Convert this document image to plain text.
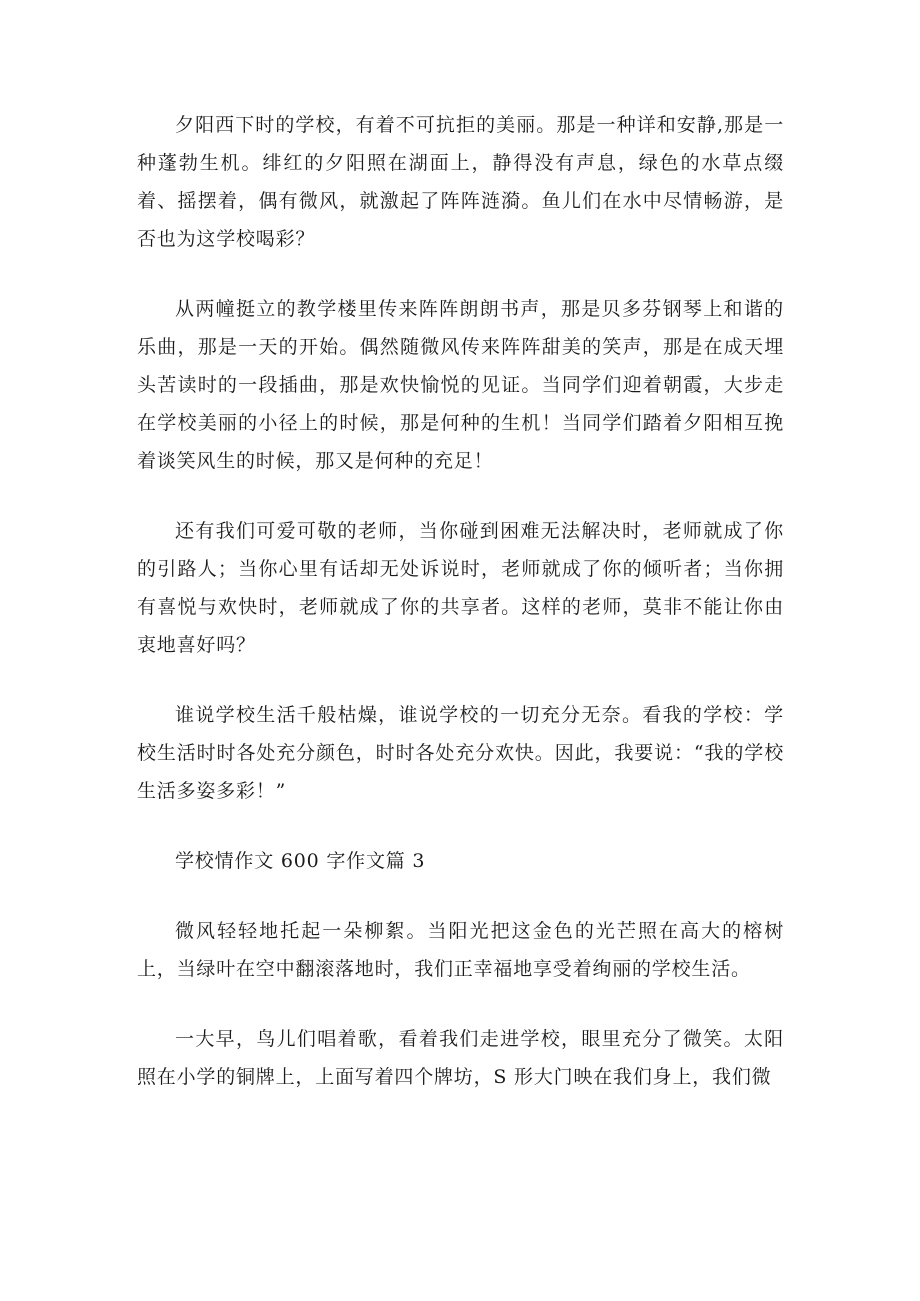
夕阳西下时的学校，有着不可抗拒的美丽。那是一种详和安静,那是一种蓬勃生机。绯红的夕阳照在湖面上，静得没有声息，绿色的水草点缀着、摇摆着，偶有微风，就激起了阵阵涟漪。鱼儿们在水中尽情畅游，是否也为这学校喝彩？

从两幢挺立的教学楼里传来阵阵朗朗书声，那是贝多芬钢琴上和谐的乐曲，那是一天的开始。偶然随微风传来阵阵甜美的笑声，那是在成天埋头苦读时的一段插曲，那是欢快愉悦的见证。当同学们迎着朝霞，大步走在学校美丽的小径上的时候，那是何种的生机！当同学们踏着夕阳相互挽着谈笑风生的时候，那又是何种的充足！

还有我们可爱可敬的老师，当你碰到困难无法解决时，老师就成了你的引路人；当你心里有话却无处诉说时，老师就成了你的倾听者；当你拥有喜悦与欢快时，老师就成了你的共享者。这样的老师，莫非不能让你由衷地喜好吗？

谁说学校生活千般枯燥，谁说学校的一切充分无奈。看我的学校：学校生活时时各处充分颜色，时时各处充分欢快。因此，我要说：“我的学校生活多姿多彩！”

学校情作文 600 字作文篇 3

微风轻轻地托起一朵柳絮。当阳光把这金色的光芒照在高大的榕树上，当绿叶在空中翻滚落地时，我们正幸福地享受着绚丽的学校生活。

一大早，鸟儿们唱着歌，看着我们走进学校，眼里充分了微笑。太阳照在小学的铜牌上，上面写着四个牌坊，S 形大门映在我们身上，我们微
